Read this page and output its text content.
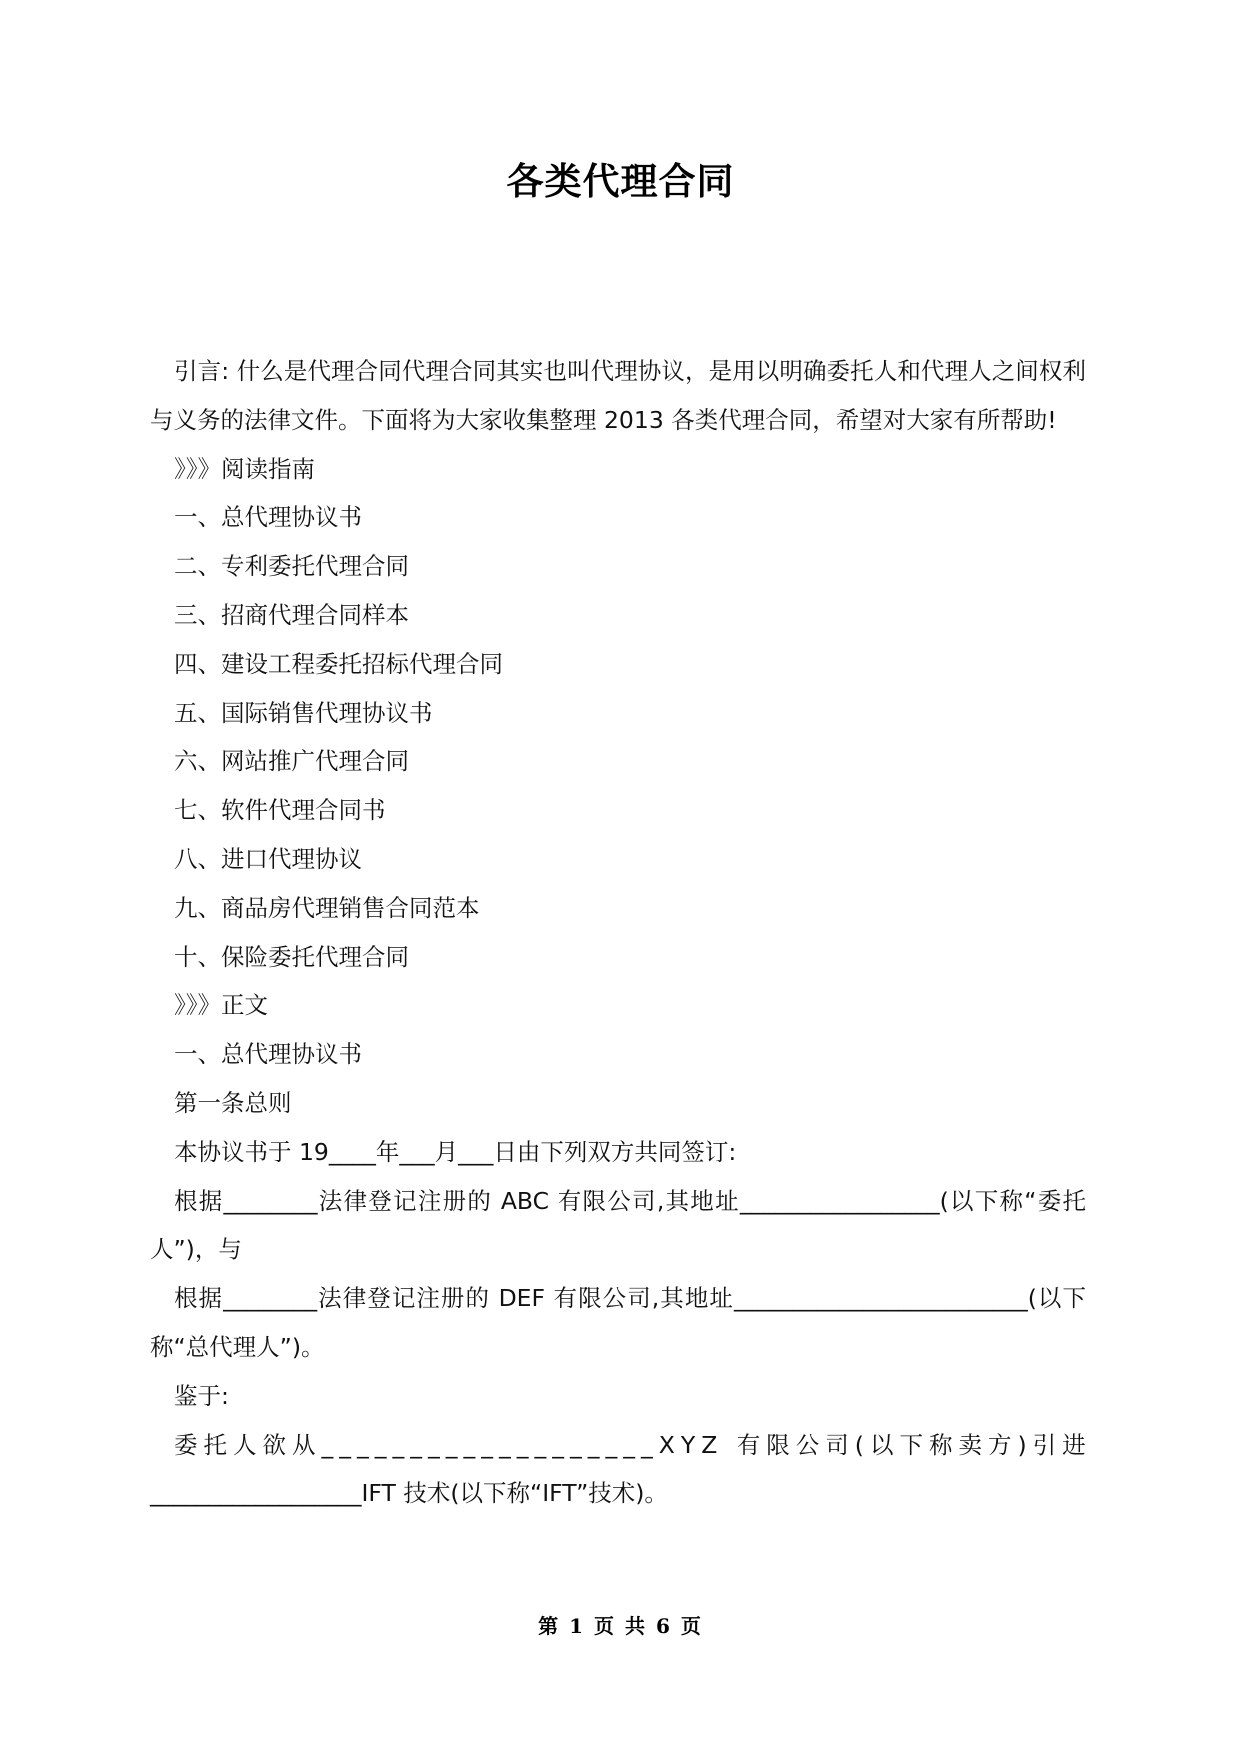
各类代理合同

引言: 什么是代理合同代理合同其实也叫代理协议，是用以明确委托人和代理人之间权利与义务的法律文件。下面将为大家收集整理 2013 各类代理合同，希望对大家有所帮助!

》》》阅读指南

一、总代理协议书

二、专利委托代理合同

三、招商代理合同样本

四、建设工程委托招标代理合同

五、国际销售代理协议书

六、网站推广代理合同

七、软件代理合同书

八、进口代理协议

九、商品房代理销售合同范本

十、保险委托代理合同

》》》正文

一、总代理协议书

第一条总则

本协议书于 19____年___月___日由下列双方共同签订:

根据________法律登记注册的 ABC 有限公司,其地址_________________(以下称“委托人”)，与

根据________法律登记注册的 DEF 有限公司,其地址_________________________(以下称“总代理人”)。

鉴于:

委托人欲从___________________XYZ 有限公司(以下称卖方)引进

__________________IFT 技术(以下称“IFT”技术)。

第 1 页 共 6 页
